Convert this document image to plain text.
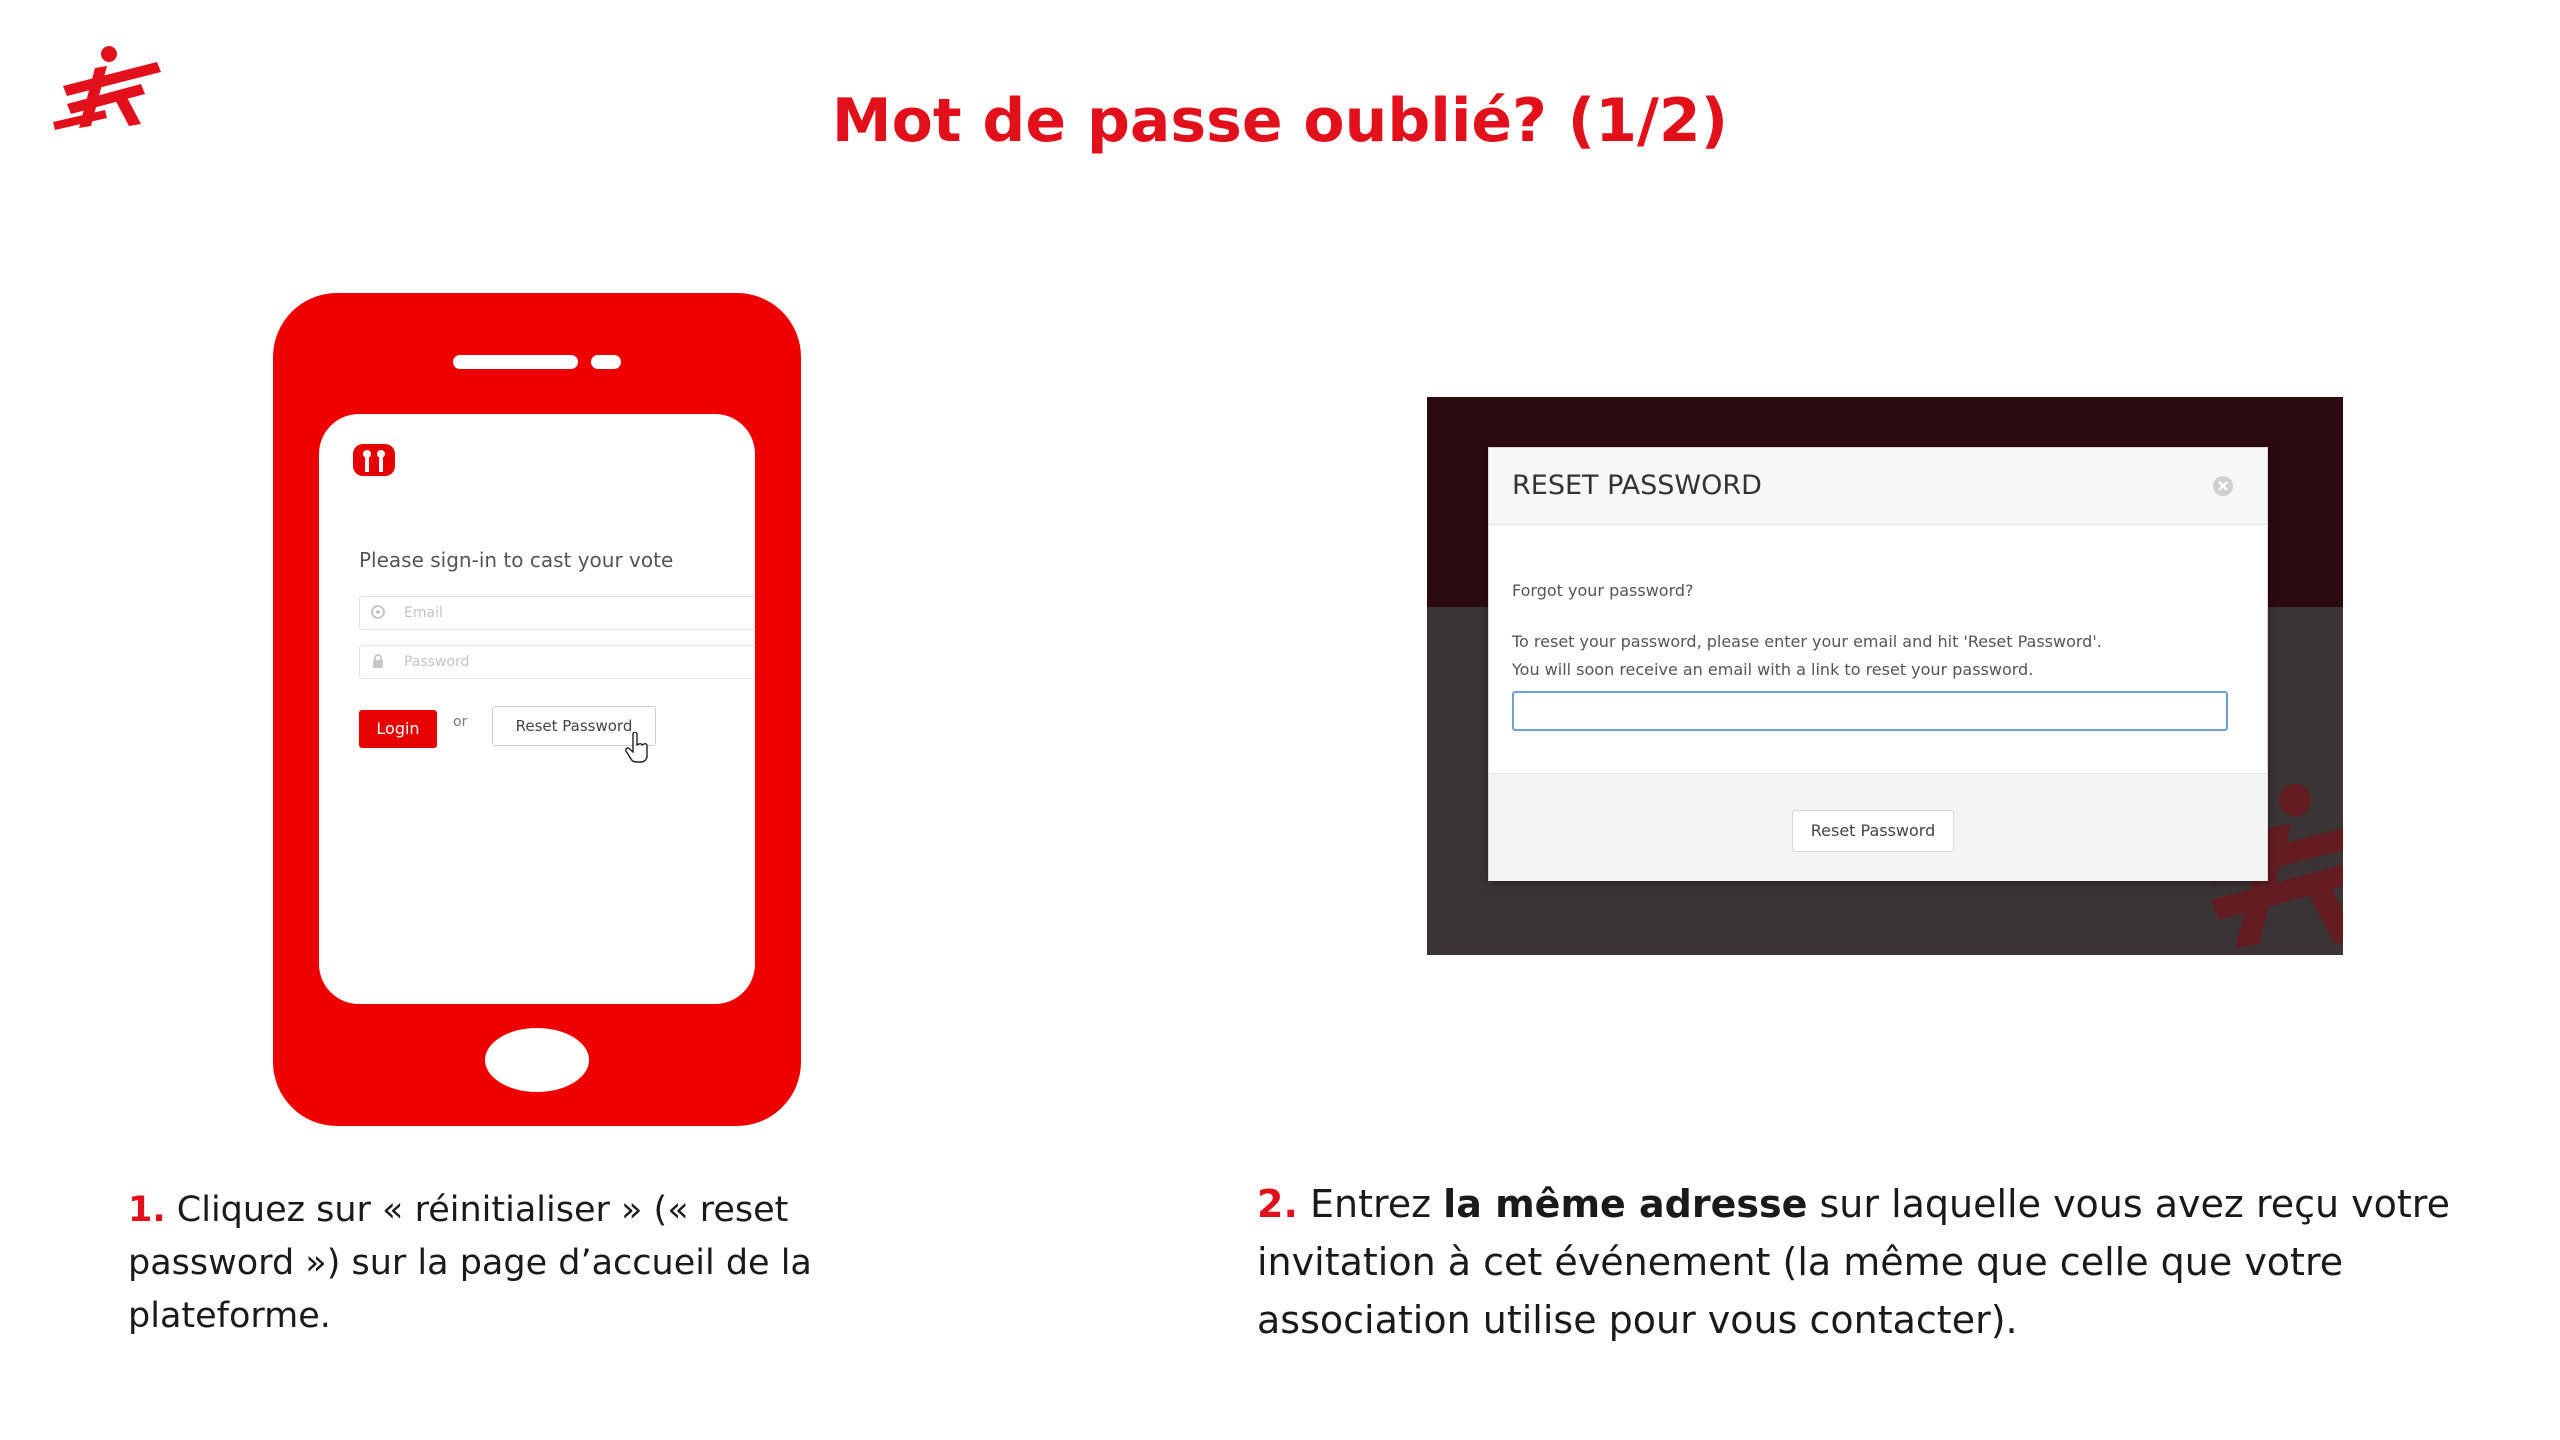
Mot de passe oublié? (1/2)
Please sign-in to cast your vote
Email
Password
Login	or	Reset Password
RESET PASSWORD

Forgot your password?

To reset your password, please enter your email and hit 'Reset Password'.

You will soon receive an email with a link to reset your password.

Reset Password

1. Cliquez sur « réinitialiser » (« reset password ») sur la page d’accueil de la plateforme.

2. Entrez la même adresse sur laquelle vous avez reçu votre invitation à cet événement (la même que celle que votre association utilise pour vous contacter).
